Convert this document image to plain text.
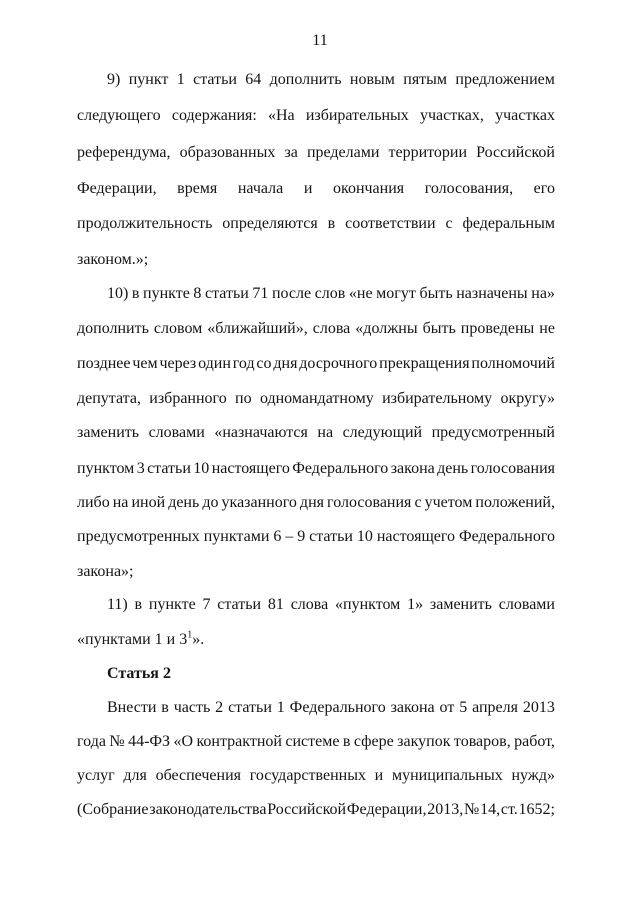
11
9) пункт 1 статьи 64 дополнить новым пятым предложением
следующего содержания: «На избирательных участках, участках
референдума, образованных за пределами территории Российской
Федерации, время начала и окончания голосования, его
продолжительность определяются в соответствии с федеральным
законом.»;
10) в пункте 8 статьи 71 после слов «не могут быть назначены на»
дополнить словом «ближайший», слова «должны быть проведены не
позднее чем через один год со дня досрочного прекращения полномочий
депутата, избранного по одномандатному избирательному округу»
заменить словами «назначаются на следующий предусмотренный
пунктом 3 статьи 10 настоящего Федерального закона день голосования
либо на иной день до указанного дня голосования с учетом положений,
предусмотренных пунктами 6 – 9 статьи 10 настоящего Федерального
закона»;
11) в пункте 7 статьи 81 слова «пунктом 1» заменить словами
«пунктами 1 и $3^1$».
Статья 2
Внести в часть 2 статьи 1 Федерального закона от 5 апреля 2013
года № 44-ФЗ «О контрактной системе в сфере закупок товаров, работ,
услуг для обеспечения государственных и муниципальных нужд»
(Собрание законодательства Российской Федерации, 2013, № 14, ст. 1652;
